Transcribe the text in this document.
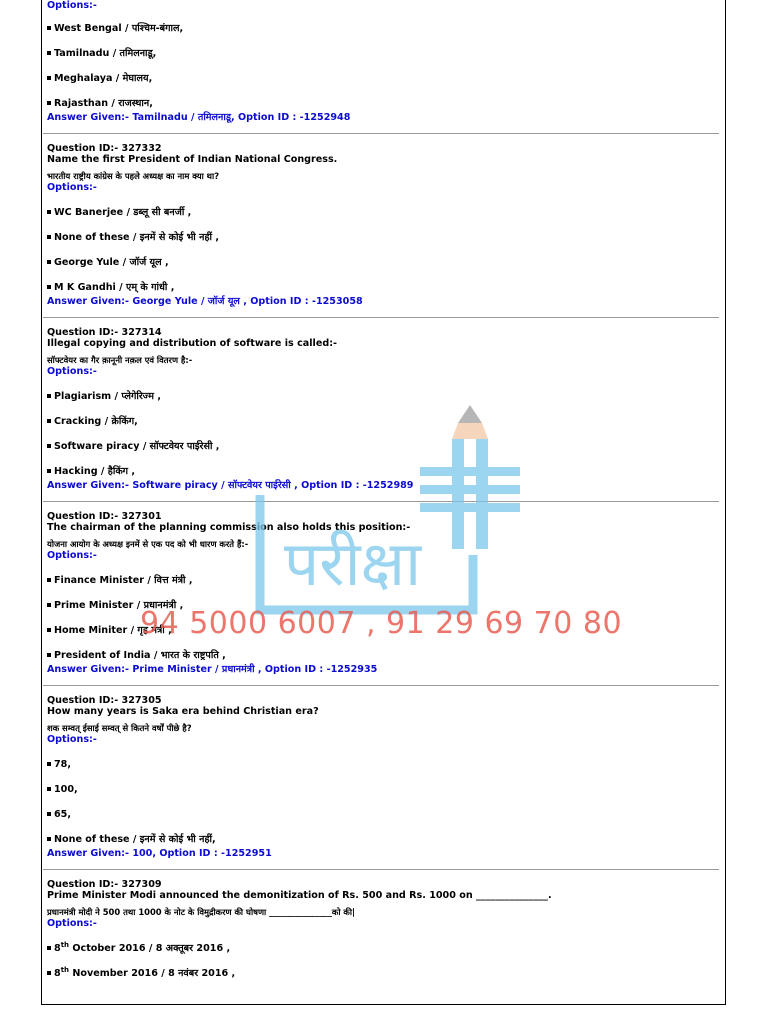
Options:-
West Bengal / पश्चिम-बंगाल,
Tamilnadu / तमिलनाडू,
Meghalaya / मेघालय,
Rajasthan / राजस्थान,
Answer Given:- Tamilnadu / तमिलनाडू, Option ID : -1252948
Question ID:- 327332
Name the first President of Indian National Congress.
भारतीय राष्ट्रीय कांग्रेस के पहले अध्यक्ष का नाम क्या था?
Options:-
WC Banerjee / डब्लू सी बनर्जी ,
None of these / इनमें से कोई भी नहीं ,
George Yule / जॉर्ज यूल ,
M K Gandhi / एम् के गांधी ,
Answer Given:- George Yule / जॉर्ज यूल , Option ID : -1253058
Question ID:- 327314
Illegal copying and distribution of software is called:-
सॉफ्टवेयर का गैर क़ानूनी नक़ल एवं वितरण है:-
Options:-
Plagiarism / प्लेगेरिज्म ,
Cracking / क्रेकिंग,
Software piracy / सॉफ्टवेयर पाईरेसी ,
Hacking / हैकिंग ,
Answer Given:- Software piracy / सॉफ्टवेयर पाईरेसी , Option ID : -1252989
Question ID:- 327301
The chairman of the planning commission also holds this position:-
योजना आयोग के अध्यक्ष इनमें से एक पद को भी धारण करते हैं:-
Options:-
Finance Minister / वित्त मंत्री ,
Prime Minister / प्रधानमंत्री ,
Home Miniter / गृह मंत्री ,
President of India / भारत के राष्ट्रपति ,
Answer Given:- Prime Minister / प्रधानमंत्री , Option ID : -1252935
Question ID:- 327305
How many years is Saka era behind Christian era?
शक सम्वत् ईसाई सम्वत् से कितने वर्षों पीछे है?
Options:-
78,
100,
65,
None of these / इनमें से कोई भी नहीं,
Answer Given:- 100, Option ID : -1252951
Question ID:- 327309
Prime Minister Modi announced the demonitization of Rs. 500 and Rs. 1000 on _______________.
प्रधानमंत्री मोदी ने 500 तथा 1000 के नोट के विमुद्रीकरण की घोषणा _______________को की|
Options:-
8th October 2016 / 8 अक्तूबर 2016 ,
8th November 2016 / 8 नवंबर 2016 ,
परीक्षा
94 5000 6007 , 91 29 69 70 80
